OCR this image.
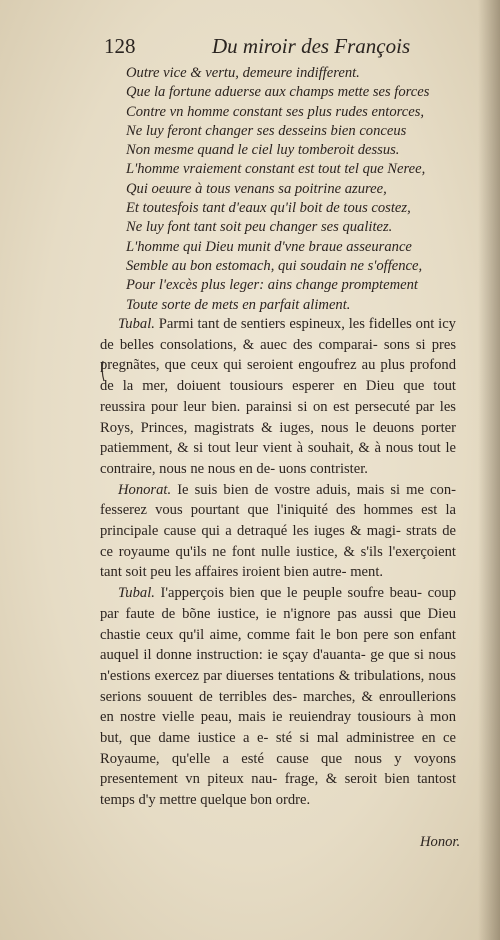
128	Du miroir des François
Outre vice & vertu, demeure indifferent.
Que la fortune aduerse aux champs mette ses forces
Contre vn homme constant ses plus rudes entorces,
Ne luy feront changer ses desseins bien conceus
Non mesme quand le ciel luy tomberoit dessus.
L'homme vraiement constant est tout tel que Neree,
Qui oeuure à tous venans sa poitrine azuree,
Et toutesfois tant d'eaux qu'il boit de tous costez,
Ne luy font tant soit peu changer ses qualitez.
L'homme qui Dieu munit d'vne braue asseurance
Semble au bon estomach, qui soudain ne s'offence,
Pour l'excès plus leger: ains change promptement
Toute sorte de mets en parfait aliment.

Tubal. Parmi tant de sentiers espineux, les fidelles ont icy de belles consolations, & auec des comparai- sons si pres pregnãtes, que ceux qui seroient engoufrez au plus profond de la mer, doiuent tousiours esperer en Dieu que tout reussira pour leur bien. parainsi si on est persecuté par les Roys, Princes, magistrats & iuges, nous le deuons porter patiemment, & si tout leur vient à souhait, & à nous tout le contraire, nous ne nous en de- uons contrister.

Honorat. Ie suis bien de vostre aduis, mais si me con- fesserez vous pourtant que l'iniquité des hommes est la principale cause qui a detraqué les iuges & magi- strats de ce royaume qu'ils ne font nulle iustice, & s'ils l'exerçoient tant soit peu les affaires iroient bien autre- ment.

Tubal. I'apperçois bien que le peuple soufre beau- coup par faute de bõne iustice, ie n'ignore pas aussi que Dieu chastie ceux qu'il aime, comme fait le bon pere son enfant auquel il donne instruction: ie sçay d'auanta- ge que si nous n'estions exercez par diuerses tentations & tribulations, nous serions souuent de terribles des- marches, & enroullerions en nostre vielle peau, mais ie reuiendray tousiours à mon but, que dame iustice a e- sté si mal administree en ce Royaume, qu'elle a esté cause que nous y voyons presentement vn piteux nau- frage, & seroit bien tantost temps d'y mettre quelque bon ordre.

Honor.
